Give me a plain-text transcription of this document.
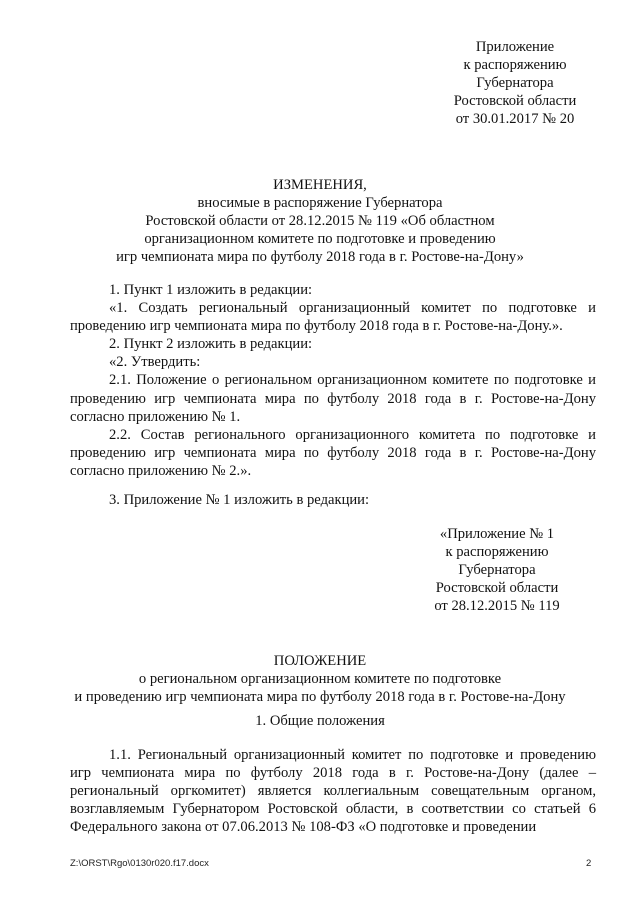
Приложение
к распоряжению
Губернатора
Ростовской области
от 30.01.2017 № 20
ИЗМЕНЕНИЯ,
вносимые в распоряжение Губернатора
Ростовской области от 28.12.2015 № 119 «Об областном
организационном комитете по подготовке и проведению
игр чемпионата мира по футболу 2018 года в г. Ростове-на-Дону»
1. Пункт 1 изложить в редакции:
«1. Создать региональный организационный комитет по подготовке и проведению игр чемпионата мира по футболу 2018 года в г. Ростове-на-Дону.».
2. Пункт 2 изложить в редакции:
«2. Утвердить:
2.1. Положение о региональном организационном комитете по подготовке и проведению игр чемпионата мира по футболу 2018 года в г. Ростове-на-Дону согласно приложению № 1.
2.2. Состав регионального организационного комитета по подготовке и проведению игр чемпионата мира по футболу 2018 года в г. Ростове-на-Дону согласно приложению № 2.».
3. Приложение № 1 изложить в редакции:
«Приложение № 1
к распоряжению
Губернатора
Ростовской области
от 28.12.2015 № 119
ПОЛОЖЕНИЕ
о региональном организационном комитете по подготовке
и проведению игр чемпионата мира по футболу 2018 года в г. Ростове-на-Дону
1. Общие положения
1.1. Региональный организационный комитет по подготовке и проведению игр чемпионата мира по футболу 2018 года в г. Ростове-на-Дону (далее – региональный оргкомитет) является коллегиальным совещательным органом, возглавляемым Губернатором Ростовской области, в соответствии со статьей 6 Федерального закона от 07.06.2013 № 108-ФЗ «О подготовке и проведении
Z:\ORST\Rgo\0130r020.f17.docx	2
